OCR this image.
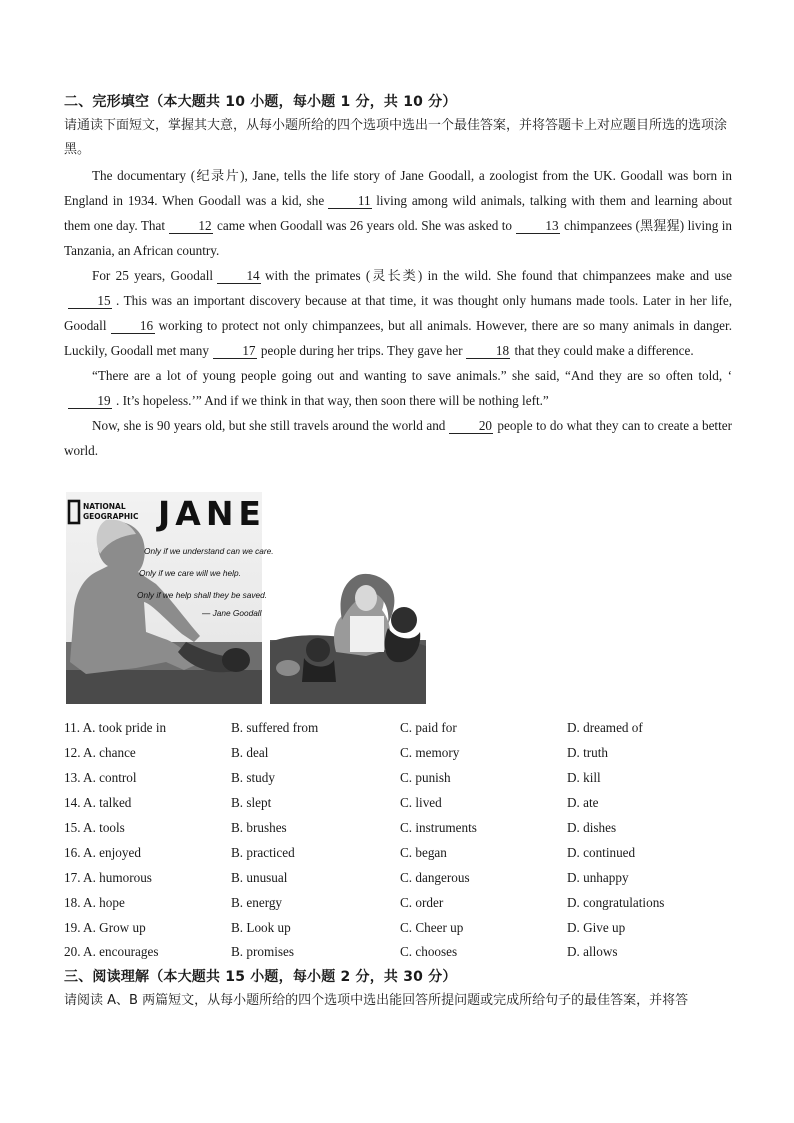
二、完形填空（本大题共 10 小题，每小题 1 分，共 10 分）
请通读下面短文，掌握其大意，从每小题所给的四个选项中选出一个最佳答案，并将答题卡上对应题目所选的选项涂黑。

The documentary (纪录片), Jane, tells the life story of Jane Goodall, a zoologist from the UK. Goodall was born in England in 1934. When Goodall was a kid, she	11 living among wild animals, talking with them and learning about them one day. That	12 came when Goodall was 26 years old. She was asked to	13 chimpanzees (黑猩猩) living in Tanzania, an African country.

For 25 years, Goodall	14 with the primates (灵长类) in the wild. She found that chimpanzees make and use15 . This was an important discovery because at that time, it was thought only humans made tools. Later in her life, Goodall	16 working to protect not only chimpanzees, but all animals. However, there are so many animals in danger. Luckily, Goodall met many	17 people during her trips. They gave her	18 that they could make a difference.

“There are a lot of young people going out and wanting to save animals.” she said, “And they are so often told, ‘19 . It’s hopeless.’” And if we think in that way, then soon there will be nothing left.”

Now, she is 90 years old, but she still travels around the world and	20 people to do what they can to create a better world.

NATIONAL
GEOGRAPHIC JANE
Only if we understand can we care.
Only if we care will we help.
Only if we help shall they be saved.
— Jane Goodall
11. A. took pride in	B. suffered from	C. paid for	D. dreamed of
12. A. chance	B. deal	C. memory	D. truth
13. A. control	B. study	C. punish	D. kill
14. A. talked	B. slept	C. lived	D. ate
15. A. tools	B. brushes	C. instruments	D. dishes
16. A. enjoyed	B. practiced	C. began	D. continued
17. A. humorous	B. unusual	C. dangerous	D. unhappy
18. A. hope	B. energy	C. order	D. congratulations
19. A. Grow up	B. Look up	C. Cheer up	D. Give up
20. A. encourages	B. promises	C. chooses	D. allows
三、阅读理解（本大题共 15 小题，每小题 2 分，共 30 分）
请阅读 A、B 两篇短文，从每小题所给的四个选项中选出能回答所提问题或完成所给句子的最佳答案，并将答
